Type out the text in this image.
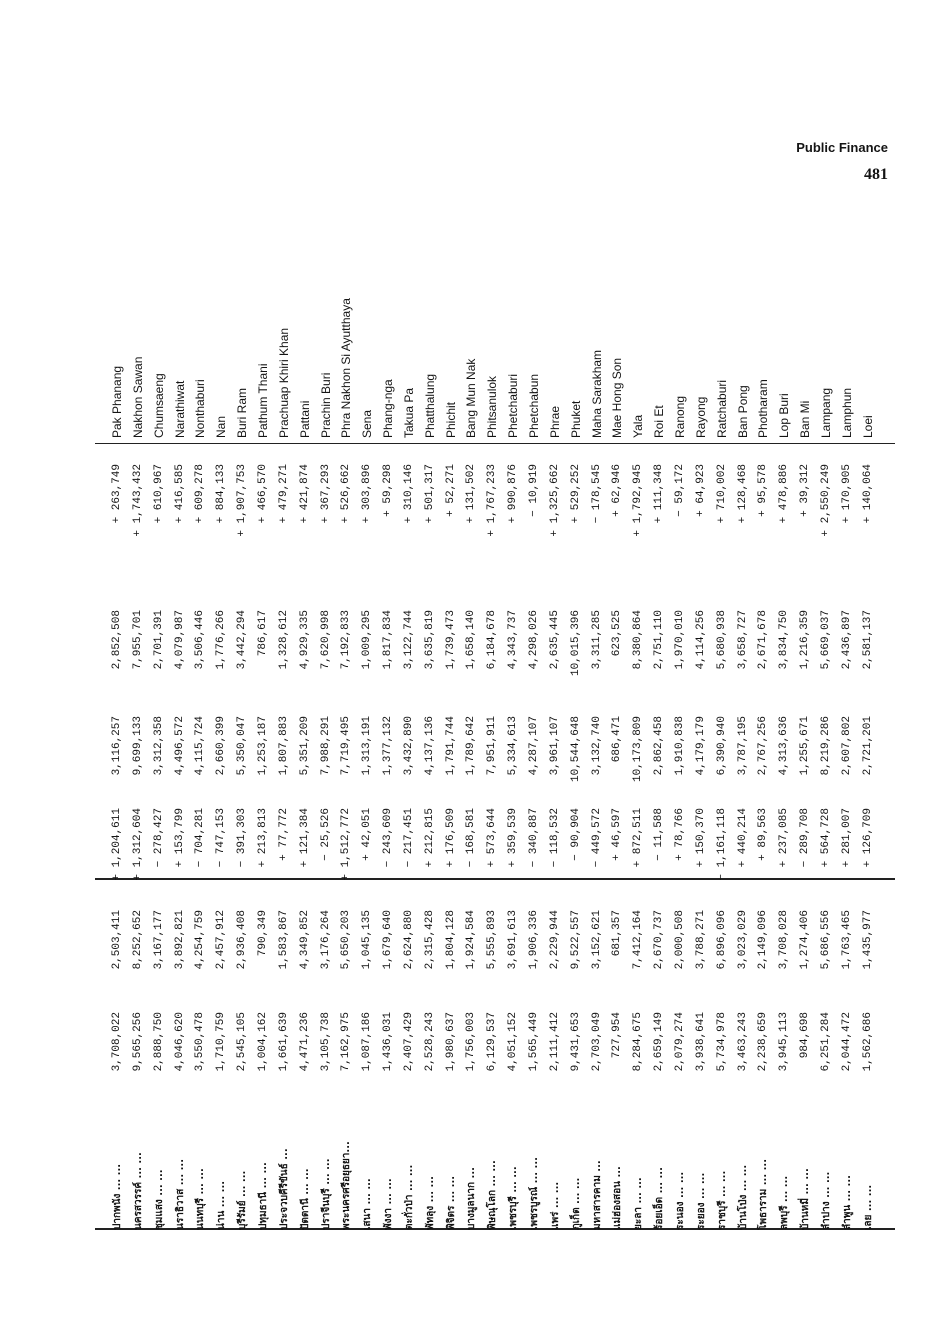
Public Finance
481
ปากพนัง ... ...
3,708,022
2,503,411
+ 1,204,611
3,116,257
2,852,508
+ 263,749
Pak Phanang
นครสวรรค์ ... ...
9,565,256
8,252,652
+ 1,312,604
9,699,133
7,955,701
+ 1,743,432
Nakhon Sawan
ชุมแสง ... ...
2,888,750
3,167,177
− 278,427
3,312,358
2,701,391
+ 610,967
Chumsaeng
นราธิวาส ... ...
4,046,620
3,892,821
+ 153,799
4,496,572
4,079,987
+ 416,585
Narathiwat
นนทบุรี ... ...
3,550,478
4,254,759
− 704,281
4,115,724
3,506,446
+ 609,278
Nonthaburi
น่าน ... ...
1,710,759
2,457,912
− 747,153
2,660,399
1,776,266
+ 884,133
Nan
บุรีรัมย์ ... ...
2,545,105
2,936,408
− 391,303
5,350,047
3,442,294
+ 1,907,753
Buri Ram
ปทุมธานี ... ...
1,004,162
790,349
+ 213,813
1,253,187
786,617
+ 466,570
Pathum Thani
ประจวบคีรีขันธ์ ...
1,661,639
1,583,867
+ 77,772
1,807,883
1,328,612
+ 479,271
Prachuap Khiri Khan
ปัตตานี ... ...
4,471,236
4,349,852
+ 121,384
5,351,209
4,929,335
+ 421,874
Pattani
ปราจีนบุรี ... ...
3,105,738
3,176,264
− 25,526
7,988,291
7,620,998
+ 367,293
Prachin Buri
พระนครศรีอยุธยา...
7,162,975
5,650,203
+ 1,512,772
7,719,495
7,192,833
+ 526,662
Phra Nakhon Si Ayutthaya
เสนา ... ...
1,087,186
1,045,135
+ 42,051
1,313,191
1,009,295
+ 303,896
Sena
พังงา ... ...
1,436,031
1,679,640
− 243,609
1,377,132
1,817,834
+ 59,298
Phang-nga
ตะกั่วป่า ... ...
2,407,429
2,624,880
− 217,451
3,432,890
3,122,744
+ 310,146
Takua Pa
พัทลุง ... ...
2,528,243
2,315,428
+ 212,815
4,137,136
3,635,819
+ 501,317
Phatthalung
พิจิตร ... ...
1,980,637
1,804,128
+ 176,509
1,791,744
1,739,473
+ 52,271
Phichit
บางมูลนาก ...
1,756,003
1,924,584
− 168,581
1,789,642
1,658,140
+ 131,502
Bang Mun Nak
พิษณุโลก ... ...
6,129,537
5,555,893
+ 573,644
7,951,911
6,184,678
+ 1,767,233
Phitsanulok
เพชรบุรี ... ...
4,051,152
3,691,613
+ 359,539
5,334,613
4,343,737
+ 990,876
Phetchaburi
เพชรบูรณ์ ... ...
1,565,449
1,906,336
− 340,887
4,287,107
4,298,026
− 10,919
Phetchabun
แพร่ ... ...
2,111,412
2,229,944
− 118,532
3,961,107
2,635,445
+ 1,325,662
Phrae
ภูเก็ต ... ...
9,431,653
9,522,557
− 90,904
10,544,648
10,015,396
+ 529,252
Phuket
มหาสารคาม ...
2,703,049
3,152,621
− 449,572
3,132,740
3,311,285
− 178,545
Maha Sarakham
แม่ฮ่องสอน ...
727,954
681,357
+ 46,597
686,471
623,525
+ 62,946
Mae Hong Son
ยะลา ... ...
8,284,675
7,412,164
+ 872,511
10,173,809
8,380,864
+ 1,792,945
Yala
ร้อยเอ็ด ... ...
2,659,149
2,670,737
− 11,588
2,862,458
2,751,110
+ 111,348
Roi Et
ระนอง ... ...
2,079,274
2,000,508
+ 78,766
1,910,838
1,970,010
− 59,172
Ranong
ระยอง ... ...
3,938,641
3,788,271
+ 150,370
4,179,179
4,114,256
+ 64,923
Rayong
ราชบุรี ... ...
5,734,978
6,896,096
− 1,161,118
6,390,940
5,680,938
+ 710,002
Ratchaburi
บ้านโป่ง ... ...
3,463,243
3,023,029
+ 440,214
3,787,195
3,658,727
+ 128,468
Ban Pong
โพธาราม ... ...
2,238,659
2,149,096
+ 89,563
2,767,256
2,671,678
+ 95,578
Photharam
ลพบุรี ... ...
3,945,113
3,708,028
+ 237,085
4,313,636
3,834,750
+ 478,886
Lop Buri
บ้านหมี่ ... ...
984,698
1,274,406
− 289,708
1,255,671
1,216,359
+ 39,312
Ban Mi
ลำปาง ... ...
6,251,284
5,686,556
+ 564,728
8,219,286
5,669,037
+ 2,550,249
Lampang
ลำพูน ... ...
2,044,472
1,763,465
+ 281,007
2,607,802
2,436,897
+ 170,905
Lamphun
เลย ... ...
1,562,686
1,435,977
+ 126,709
2,721,201
2,581,137
+ 140,064
Loei
